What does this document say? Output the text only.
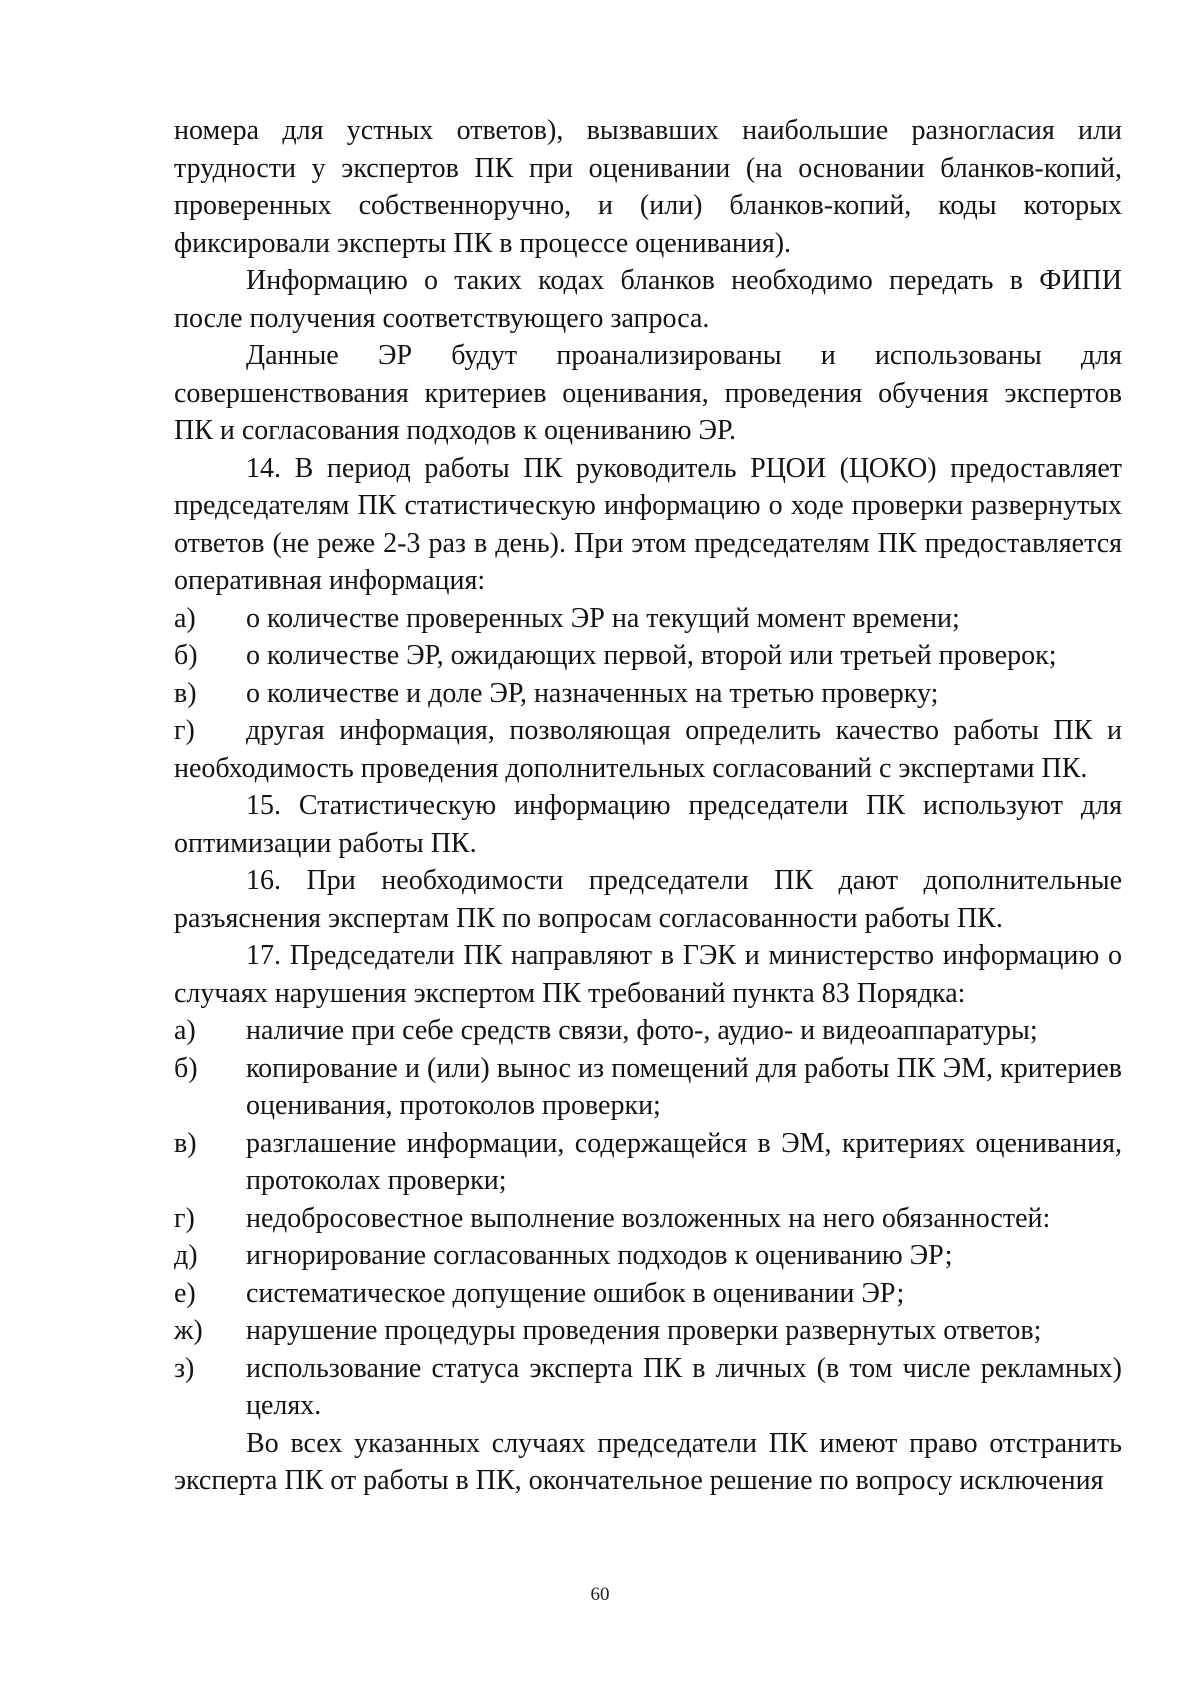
номера для устных ответов), вызвавших наибольшие разногласия или трудности у экспертов ПК при оценивании (на основании бланков-копий, проверенных собственноручно, и (или) бланков-копий, коды которых фиксировали эксперты ПК в процессе оценивания).

Информацию о таких кодах бланков необходимо передать в ФИПИ после получения соответствующего запроса.

Данные ЭР будут проанализированы и использованы для совершенствования критериев оценивания, проведения обучения экспертов ПК и согласования подходов к оцениванию ЭР.

14. В период работы ПК руководитель РЦОИ (ЦОКО) предоставляет председателям ПК статистическую информацию о ходе проверки развернутых ответов (не реже 2-3 раз в день). При этом председателям ПК предоставляется оперативная информация:

а)	о количестве проверенных ЭР на текущий момент времени;
б)	о количестве ЭР, ожидающих первой, второй или третьей проверок;
в)	о количестве и доле ЭР, назначенных на третью проверку;
г) другая информация, позволяющая определить качество работы ПК и необходимость проведения дополнительных согласований с экспертами ПК.

15. Статистическую информацию председатели ПК используют для оптимизации работы ПК.

16. При необходимости председатели ПК дают дополнительные разъяснения экспертам ПК по вопросам согласованности работы ПК.

17. Председатели ПК направляют в ГЭК и министерство информацию о случаях нарушения экспертом ПК требований пункта 83 Порядка:

а)	наличие при себе средств связи, фото-, аудио- и видеоаппаратуры;
б)	копирование и (или) вынос из помещений для работы ПК ЭМ, критериев оценивания, протоколов проверки;
в)	разглашение информации, содержащейся в ЭМ, критериях оценивания, протоколах проверки;
г)	недобросовестное выполнение возложенных на него обязанностей:
д)	игнорирование согласованных подходов к оцениванию ЭР;
е)	систематическое допущение ошибок в оценивании ЭР;
ж)	нарушение процедуры проведения проверки развернутых ответов;
з)	использование статуса эксперта ПК в личных (в том числе рекламных) целях.

Во всех указанных случаях председатели ПК имеют право отстранить эксперта ПК от работы в ПК, окончательное решение по вопросу исключения

60
